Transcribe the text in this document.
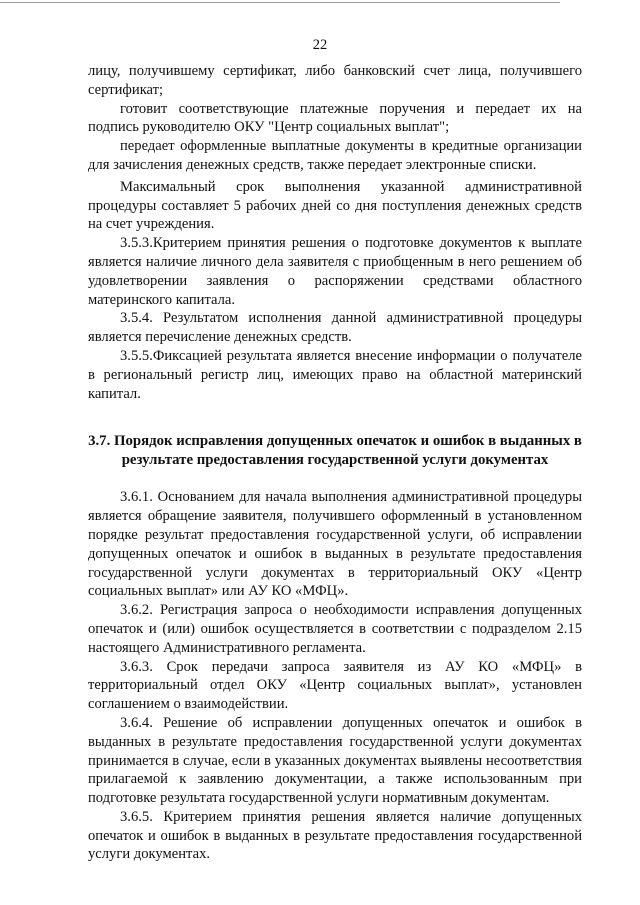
22

лицу, получившему сертификат, либо банковский счет лица, получившего сертификат;

готовит соответствующие платежные поручения и передает их на подпись руководителю ОКУ "Центр социальных выплат";

передает оформленные выплатные документы в кредитные организации для зачисления денежных средств, также передает электронные списки.

Максимальный срок выполнения указанной административной процедуры составляет 5 рабочих дней со дня поступления денежных средств на счет учреждения.

3.5.3.Критерием принятия решения о подготовке документов к выплате является наличие личного дела заявителя с приобщенным в него решением об удовлетворении заявления о распоряжении средствами областного материнского капитала.

3.5.4. Результатом исполнения данной административной процедуры является перечисление денежных средств.

3.5.5.Фиксацией результата является внесение информации о получателе в региональный регистр лиц, имеющих право на областной материнский капитал.

3.7. Порядок исправления допущенных опечаток и ошибок в выданных в результате предоставления государственной услуги документах

3.6.1. Основанием для начала выполнения административной процедуры является обращение заявителя, получившего оформленный в установленном порядке результат предоставления государственной услуги, об исправлении допущенных опечаток и ошибок в выданных в результате предоставления государственной услуги документах в территориальный ОКУ «Центр социальных выплат» или АУ КО «МФЦ».

3.6.2. Регистрация запроса о необходимости исправления допущенных опечаток и (или) ошибок осуществляется в соответствии с подразделом 2.15 настоящего Административного регламента.

3.6.3. Срок передачи запроса заявителя из АУ КО «МФЦ» в территориальный отдел ОКУ «Центр социальных выплат», установлен соглашением о взаимодействии.

3.6.4. Решение об исправлении допущенных опечаток и ошибок в выданных в результате предоставления государственной услуги документах принимается в случае, если в указанных документах выявлены несоответствия прилагаемой к заявлению документации, а также использованным при подготовке результата государственной услуги нормативным документам.

3.6.5. Критерием принятия решения является наличие допущенных опечаток и ошибок в выданных в результате предоставления государственной услуги документах.
